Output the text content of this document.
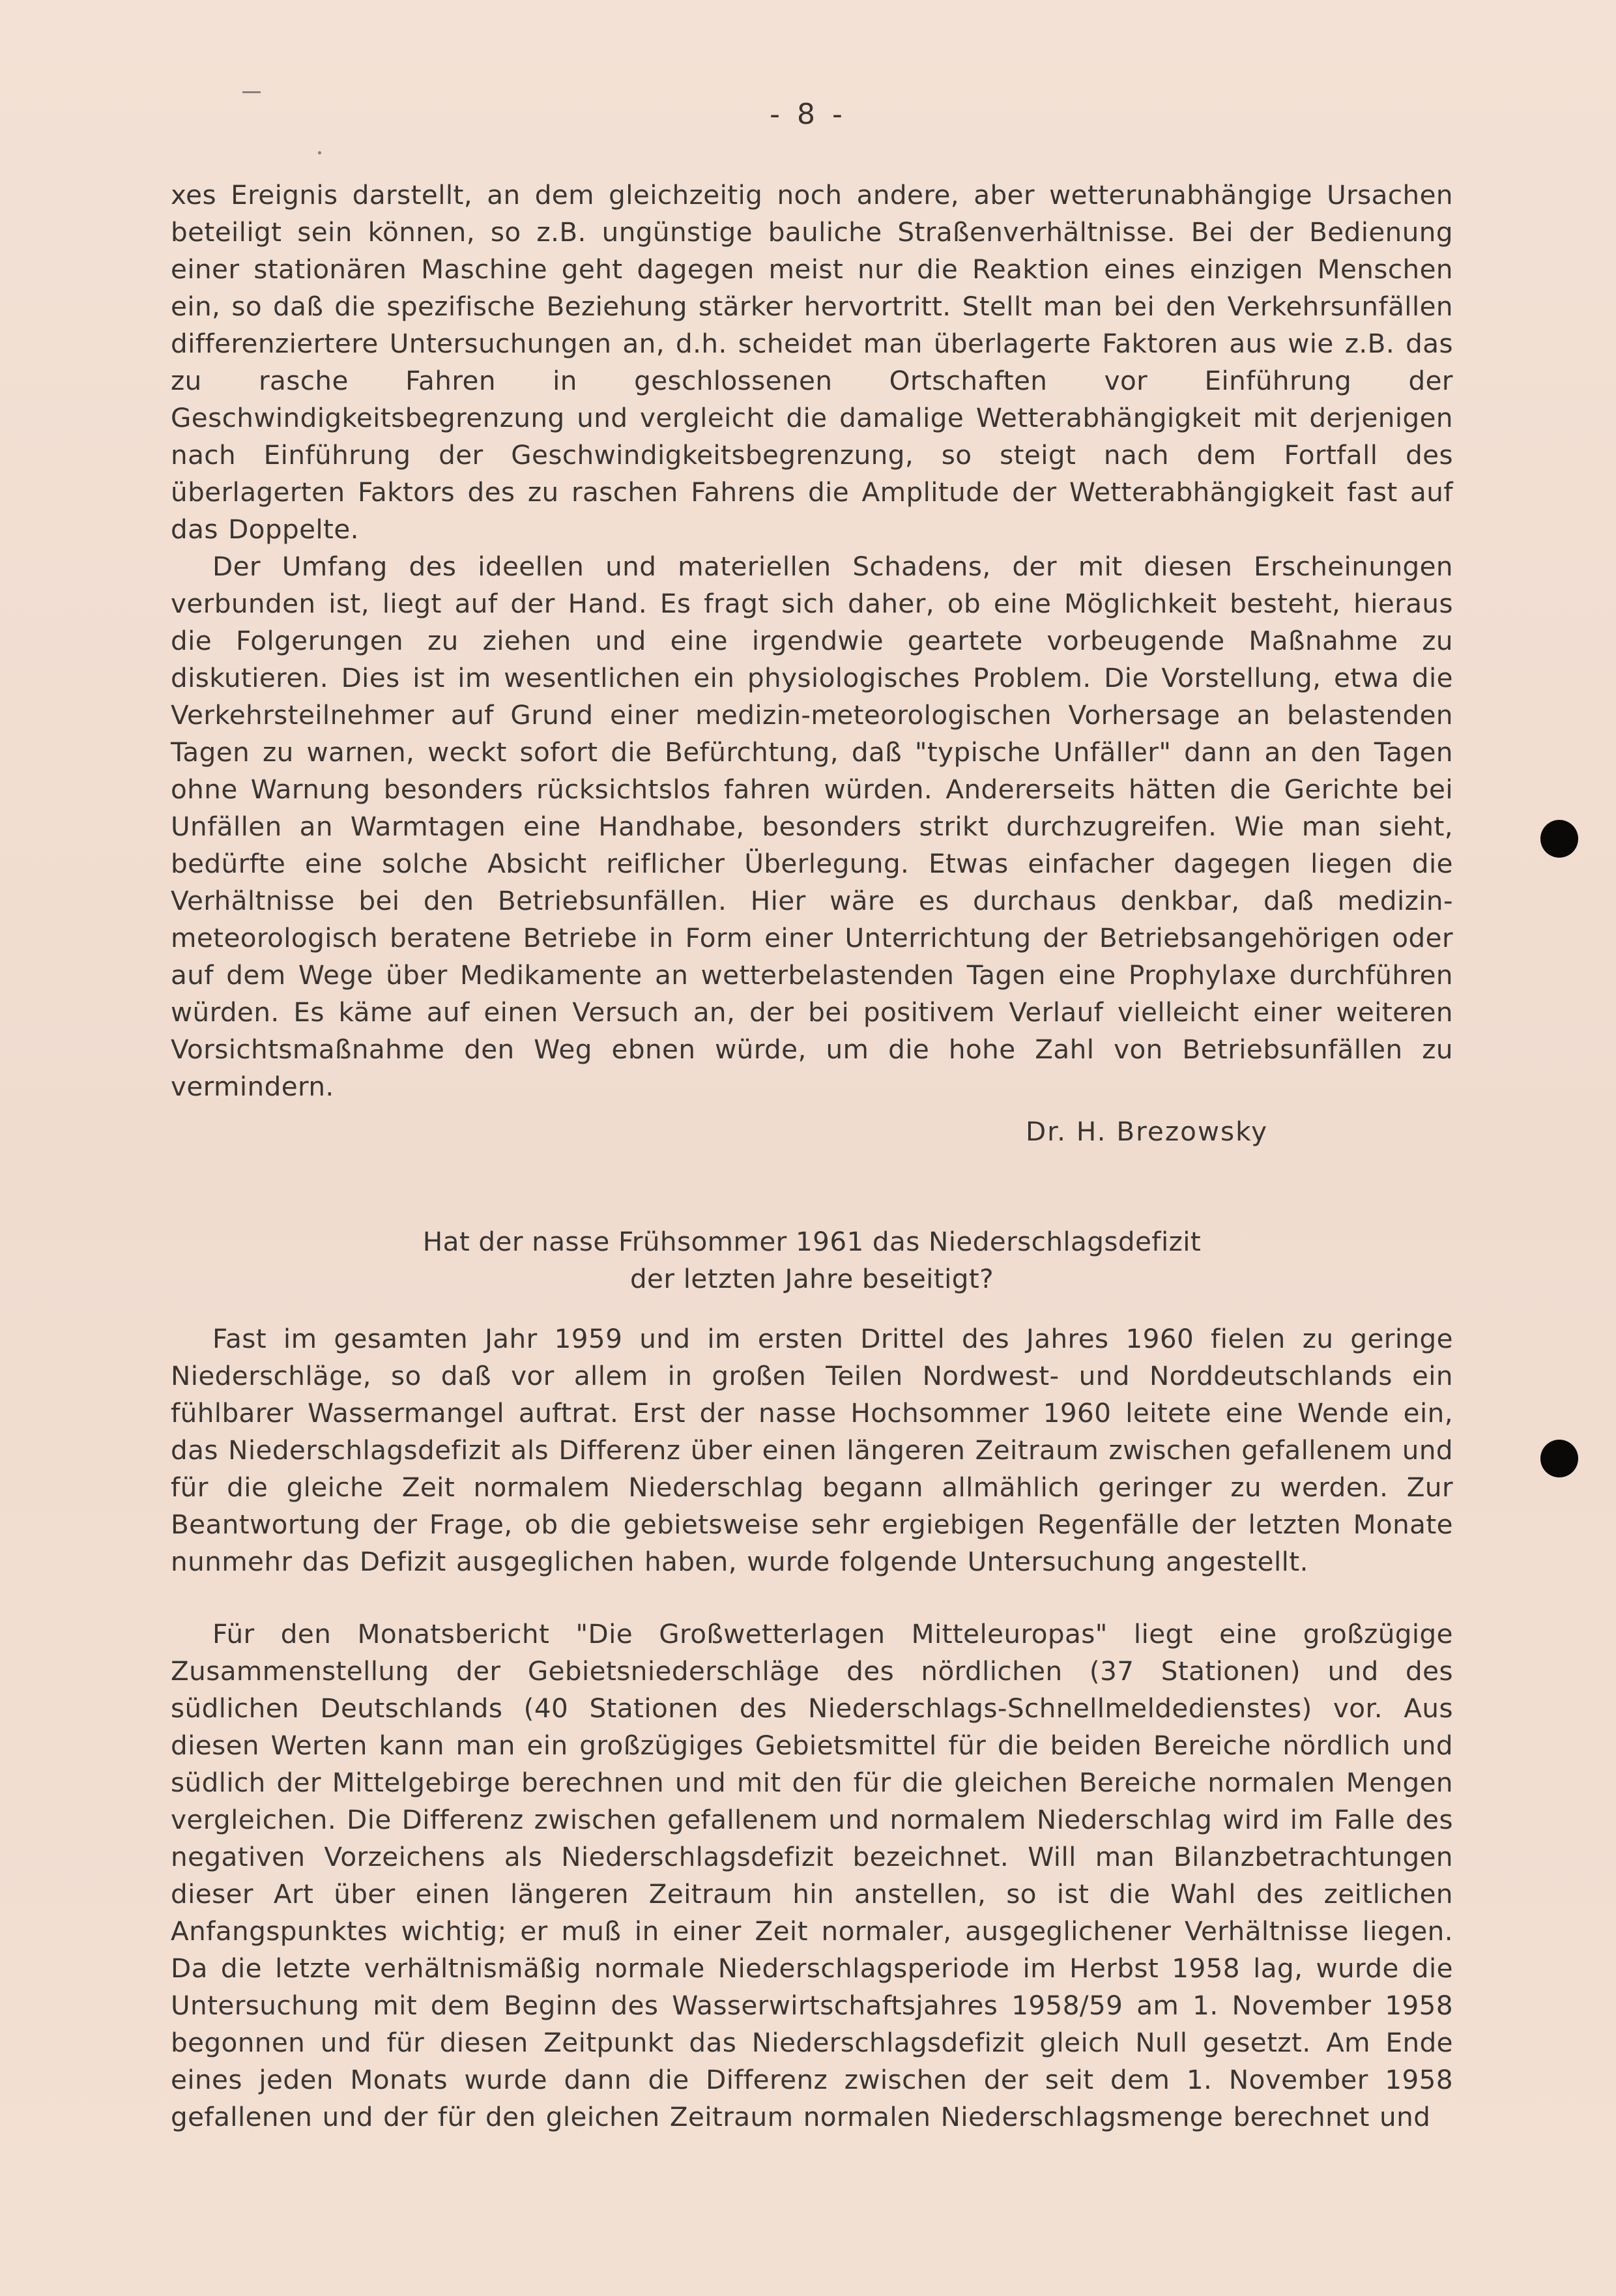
- 8 -

xes Ereignis darstellt, an dem gleichzeitig noch andere, aber wetterunabhängige Ursachen beteiligt sein können, so z.B. ungünstige bauliche Straßenverhältnisse. Bei der Bedienung einer stationären Maschine geht dagegen meist nur die Reaktion eines einzigen Menschen ein, so daß die spezifische Beziehung stärker hervortritt. Stellt man bei den Verkehrsunfällen differenziertere Untersuchungen an, d.h. scheidet man überlagerte Faktoren aus wie z.B. das zu rasche Fahren in geschlossenen Ortschaften vor Einführung der Geschwindigkeitsbegrenzung und vergleicht die damalige Wetterabhängigkeit mit derjenigen nach Einführung der Geschwindigkeitsbegrenzung, so steigt nach dem Fortfall des überlagerten Faktors des zu raschen Fahrens die Amplitude der Wetterabhängigkeit fast auf das Doppelte.

Der Umfang des ideellen und materiellen Schadens, der mit diesen Erscheinungen verbunden ist, liegt auf der Hand. Es fragt sich daher, ob eine Möglichkeit besteht, hieraus die Folgerungen zu ziehen und eine irgendwie geartete vorbeugende Maßnahme zu diskutieren. Dies ist im wesentlichen ein physiologisches Problem. Die Vorstellung, etwa die Verkehrsteilnehmer auf Grund einer medizin-meteorologischen Vorhersage an belastenden Tagen zu warnen, weckt sofort die Befürchtung, daß "typische Unfäller" dann an den Tagen ohne Warnung besonders rücksichtslos fahren würden. Andererseits hätten die Gerichte bei Unfällen an Warmtagen eine Handhabe, besonders strikt durchzugreifen. Wie man sieht, bedürfte eine solche Absicht reiflicher Überlegung. Etwas einfacher dagegen liegen die Verhältnisse bei den Betriebsunfällen. Hier wäre es durchaus denkbar, daß medizin-meteorologisch beratene Betriebe in Form einer Unterrichtung der Betriebsangehörigen oder auf dem Wege über Medikamente an wetterbelastenden Tagen eine Prophylaxe durchführen würden. Es käme auf einen Versuch an, der bei positivem Verlauf vielleicht einer weiteren Vorsichtsmaßnahme den Weg ebnen würde, um die hohe Zahl von Betriebsunfällen zu vermindern.

Dr. H. Brezowsky
Hat der nasse Frühsommer 1961 das Niederschlagsdefizit
der letzten Jahre beseitigt?

Fast im gesamten Jahr 1959 und im ersten Drittel des Jahres 1960 fielen zu geringe Niederschläge, so daß vor allem in großen Teilen Nordwest- und Norddeutschlands ein fühlbarer Wassermangel auftrat. Erst der nasse Hochsommer 1960 leitete eine Wende ein, das Niederschlagsdefizit als Differenz über einen längeren Zeitraum zwischen gefallenem und für die gleiche Zeit normalem Niederschlag begann allmählich geringer zu werden. Zur Beantwortung der Frage, ob die gebietsweise sehr ergiebigen Regenfälle der letzten Monate nunmehr das Defizit ausgeglichen haben, wurde folgende Untersuchung angestellt.

Für den Monatsbericht "Die Großwetterlagen Mitteleuropas" liegt eine großzügige Zusammenstellung der Gebietsniederschläge des nördlichen (37 Stationen) und des südlichen Deutschlands (40 Stationen des Niederschlags-Schnellmeldedienstes) vor. Aus diesen Werten kann man ein großzügiges Gebietsmittel für die beiden Bereiche nördlich und südlich der Mittelgebirge berechnen und mit den für die gleichen Bereiche normalen Mengen vergleichen. Die Differenz zwischen gefallenem und normalem Niederschlag wird im Falle des negativen Vorzeichens als Niederschlagsdefizit bezeichnet. Will man Bilanzbetrachtungen dieser Art über einen längeren Zeitraum hin anstellen, so ist die Wahl des zeitlichen Anfangspunktes wichtig; er muß in einer Zeit normaler, ausgeglichener Verhältnisse liegen. Da die letzte verhältnismäßig normale Niederschlagsperiode im Herbst 1958 lag, wurde die Untersuchung mit dem Beginn des Wasserwirtschaftsjahres 1958/59 am 1. November 1958 begonnen und für diesen Zeitpunkt das Niederschlagsdefizit gleich Null gesetzt. Am Ende eines jeden Monats wurde dann die Differenz zwischen der seit dem 1. November 1958 gefallenen und der für den gleichen Zeitraum normalen Niederschlagsmenge berechnet und
